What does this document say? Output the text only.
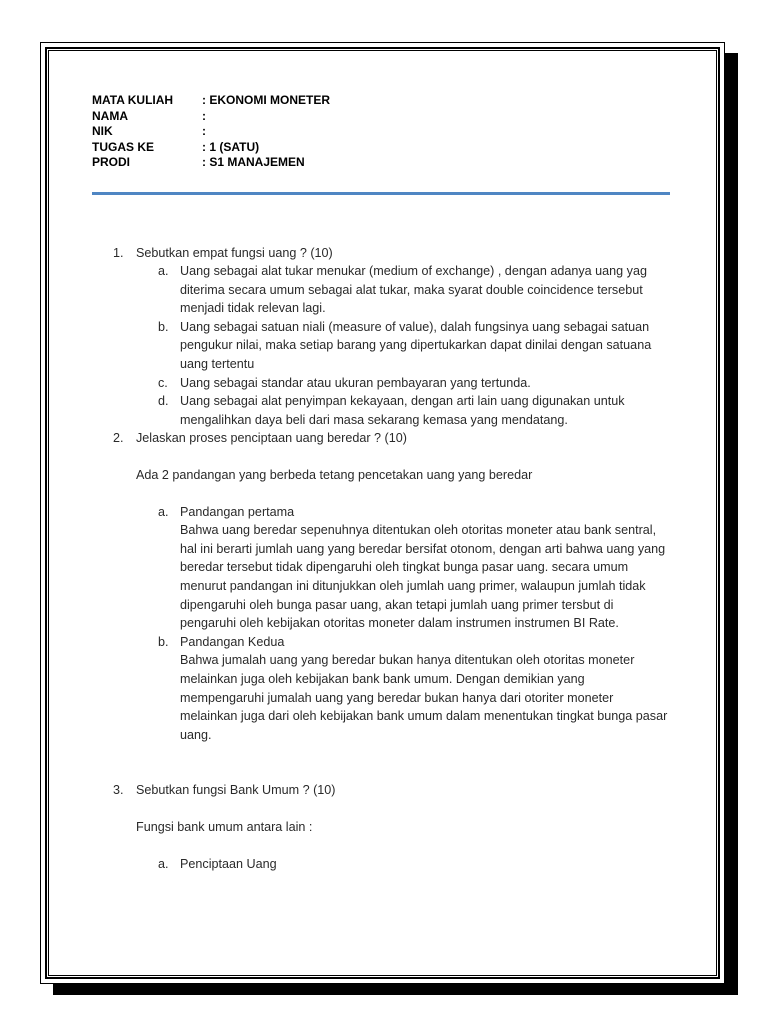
MATA KULIAH	: EKONOMI MONETER
NAMA	:
NIK	:
TUGAS KE	: 1 (SATU)
PRODI	: S1 MANAJEMEN
1. Sebutkan empat fungsi uang ? (10)
a. Uang sebagai alat tukar menukar (medium of exchange) , dengan adanya uang yag diterima secara umum sebagai alat tukar, maka syarat double coincidence tersebut menjadi tidak relevan lagi.
b. Uang sebagai satuan niali (measure of value), dalah fungsinya uang sebagai satuan pengukur nilai, maka setiap barang yang dipertukarkan dapat dinilai dengan satuana uang tertentu
c. Uang sebagai standar atau ukuran pembayaran yang tertunda.
d. Uang sebagai alat penyimpan kekayaan, dengan arti lain uang digunakan untuk mengalihkan daya beli dari masa sekarang kemasa yang mendatang.
2. Jelaskan proses penciptaan uang beredar ? (10)
Ada 2 pandangan yang berbeda tetang pencetakan uang yang beredar
a. Pandangan pertama
Bahwa uang beredar sepenuhnya ditentukan oleh otoritas moneter atau bank sentral, hal ini berarti jumlah uang yang beredar bersifat otonom, dengan arti bahwa uang yang beredar tersebut tidak dipengaruhi oleh tingkat bunga pasar uang. secara umum menurut pandangan ini ditunjukkan oleh jumlah uang primer, walaupun jumlah tidak dipengaruhi oleh bunga pasar uang, akan tetapi jumlah uang primer tersbut di pengaruhi oleh kebijakan otoritas moneter dalam instrumen instrumen BI Rate.
b. Pandangan Kedua
Bahwa jumalah uang yang beredar bukan hanya ditentukan oleh otoritas moneter melainkan juga oleh kebijakan bank bank umum. Dengan demikian yang mempengaruhi jumalah uang yang beredar bukan hanya dari otoriter moneter melainkan juga dari oleh kebijakan bank umum dalam menentukan tingkat bunga pasar uang.
3. Sebutkan fungsi Bank Umum ? (10)
Fungsi bank umum antara lain :
a. Penciptaan Uang
